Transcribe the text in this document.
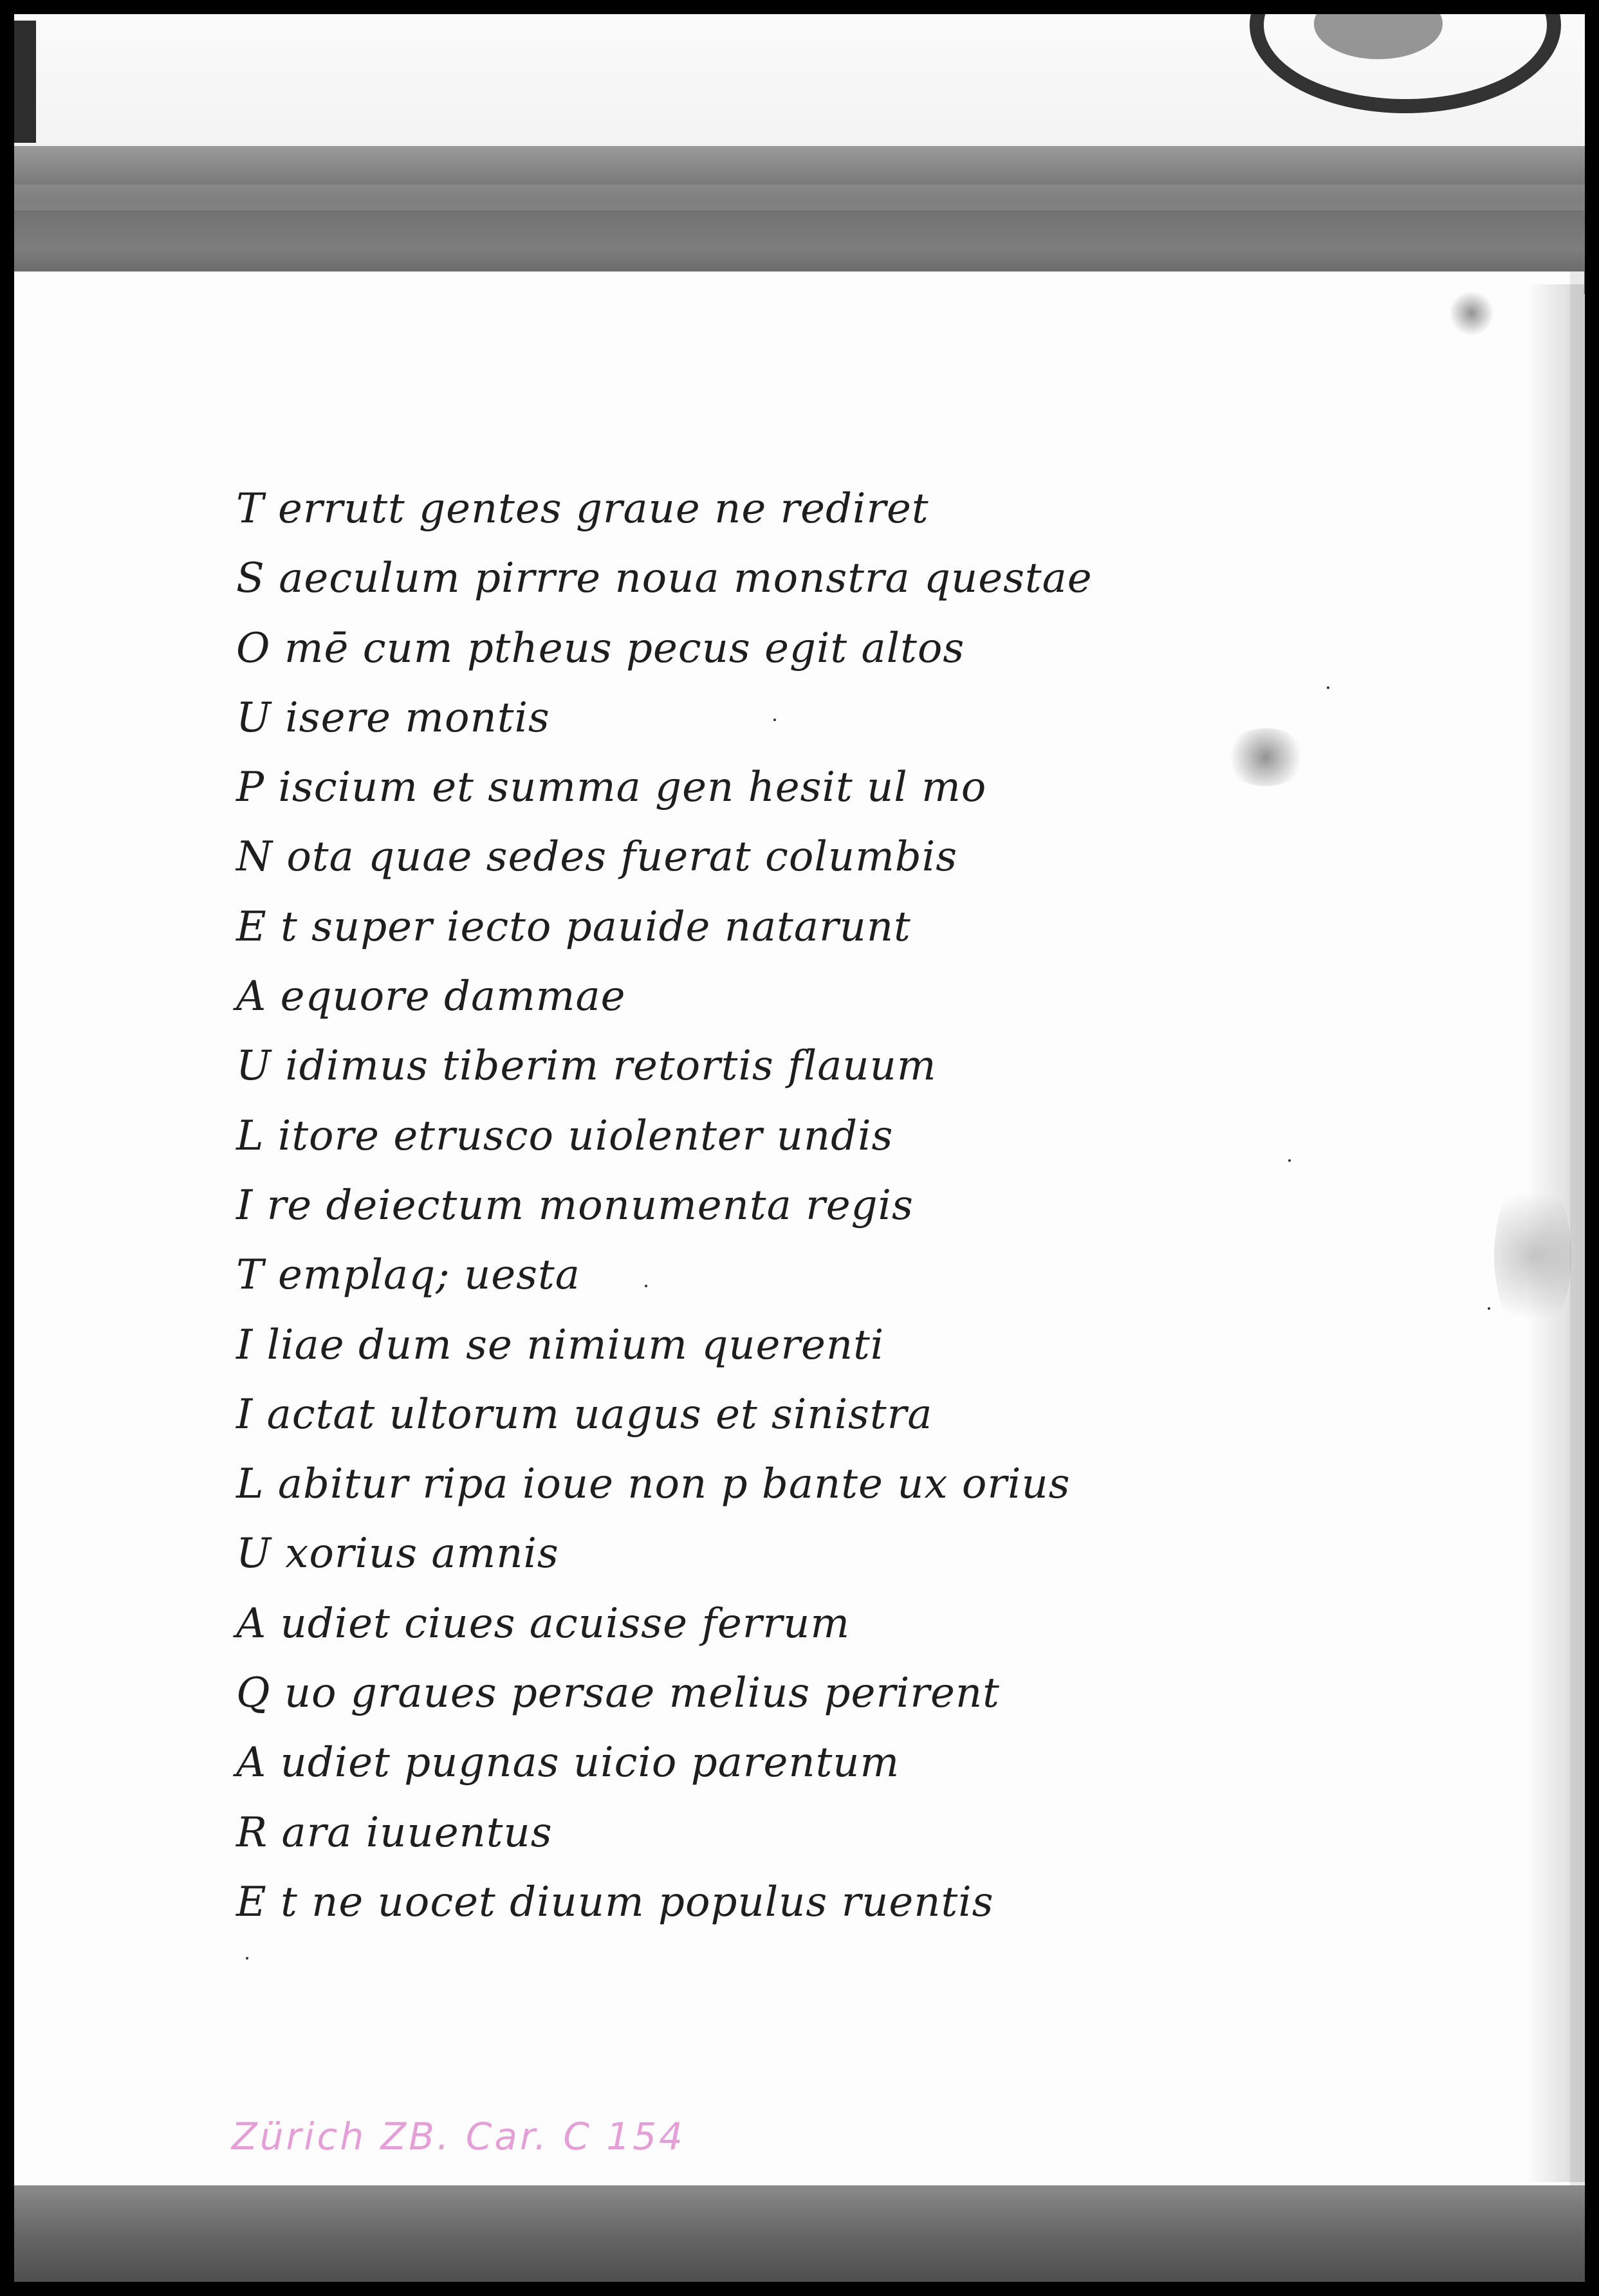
T errutt gentes graue ne rediret
S aeculum pirrre noua monstra questae
O mē cum ptheus pecus egit altos
U isere montis
P iscium et summa gen hesit ul mo
N ota quae sedes fuerat columbis
E t super iecto pauide natarunt
A equore dammae
U idimus tiberim retortis flauum
L itore etrusco uiolenter undis
I re deiectum monumenta regis
T emplaq; uesta
I liae dum se nimium querenti
I actat ultorum uagus et sinistra
L abitur ripa ioue non p bante ux orius
U xorius amnis
A udiet ciues acuisse ferrum
Q uo graues persae melius perirent
A udiet pugnas uicio parentum
R ara iuuentus
E t ne uocet diuum populus ruentis
Zürich ZB. Car. C 154
